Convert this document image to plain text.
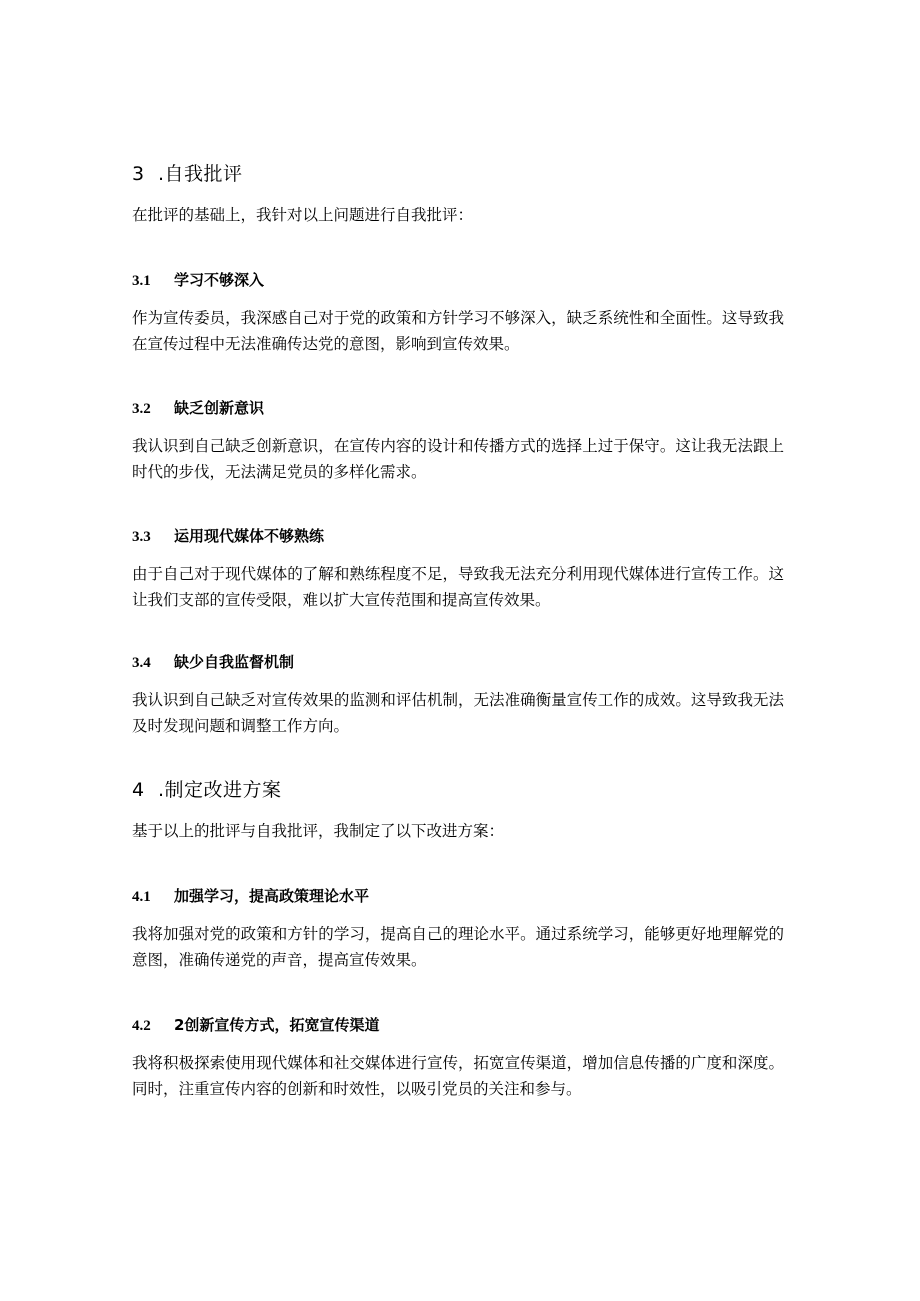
3 .自我批评

在批评的基础上，我针对以上问题进行自我批评：

3.1 学习不够深入

作为宣传委员，我深感自己对于党的政策和方针学习不够深入，缺乏系统性和全面性。这导致我在宣传过程中无法准确传达党的意图，影响到宣传效果。

3.2 缺乏创新意识

我认识到自己缺乏创新意识，在宣传内容的设计和传播方式的选择上过于保守。这让我无法跟上时代的步伐，无法满足党员的多样化需求。

3.3 运用现代媒体不够熟练

由于自己对于现代媒体的了解和熟练程度不足，导致我无法充分利用现代媒体进行宣传工作。这让我们支部的宣传受限，难以扩大宣传范围和提高宣传效果。

3.4 缺少自我监督机制

我认识到自己缺乏对宣传效果的监测和评估机制，无法准确衡量宣传工作的成效。这导致我无法及时发现问题和调整工作方向。

4 .制定改进方案

基于以上的批评与自我批评，我制定了以下改进方案：

4.1 加强学习，提高政策理论水平

我将加强对党的政策和方针的学习，提高自己的理论水平。通过系统学习，能够更好地理解党的意图，准确传递党的声音，提高宣传效果。

4.2 2创新宣传方式，拓宽宣传渠道

我将积极探索使用现代媒体和社交媒体进行宣传，拓宽宣传渠道，增加信息传播的广度和深度。同时，注重宣传内容的创新和时效性，以吸引党员的关注和参与。
